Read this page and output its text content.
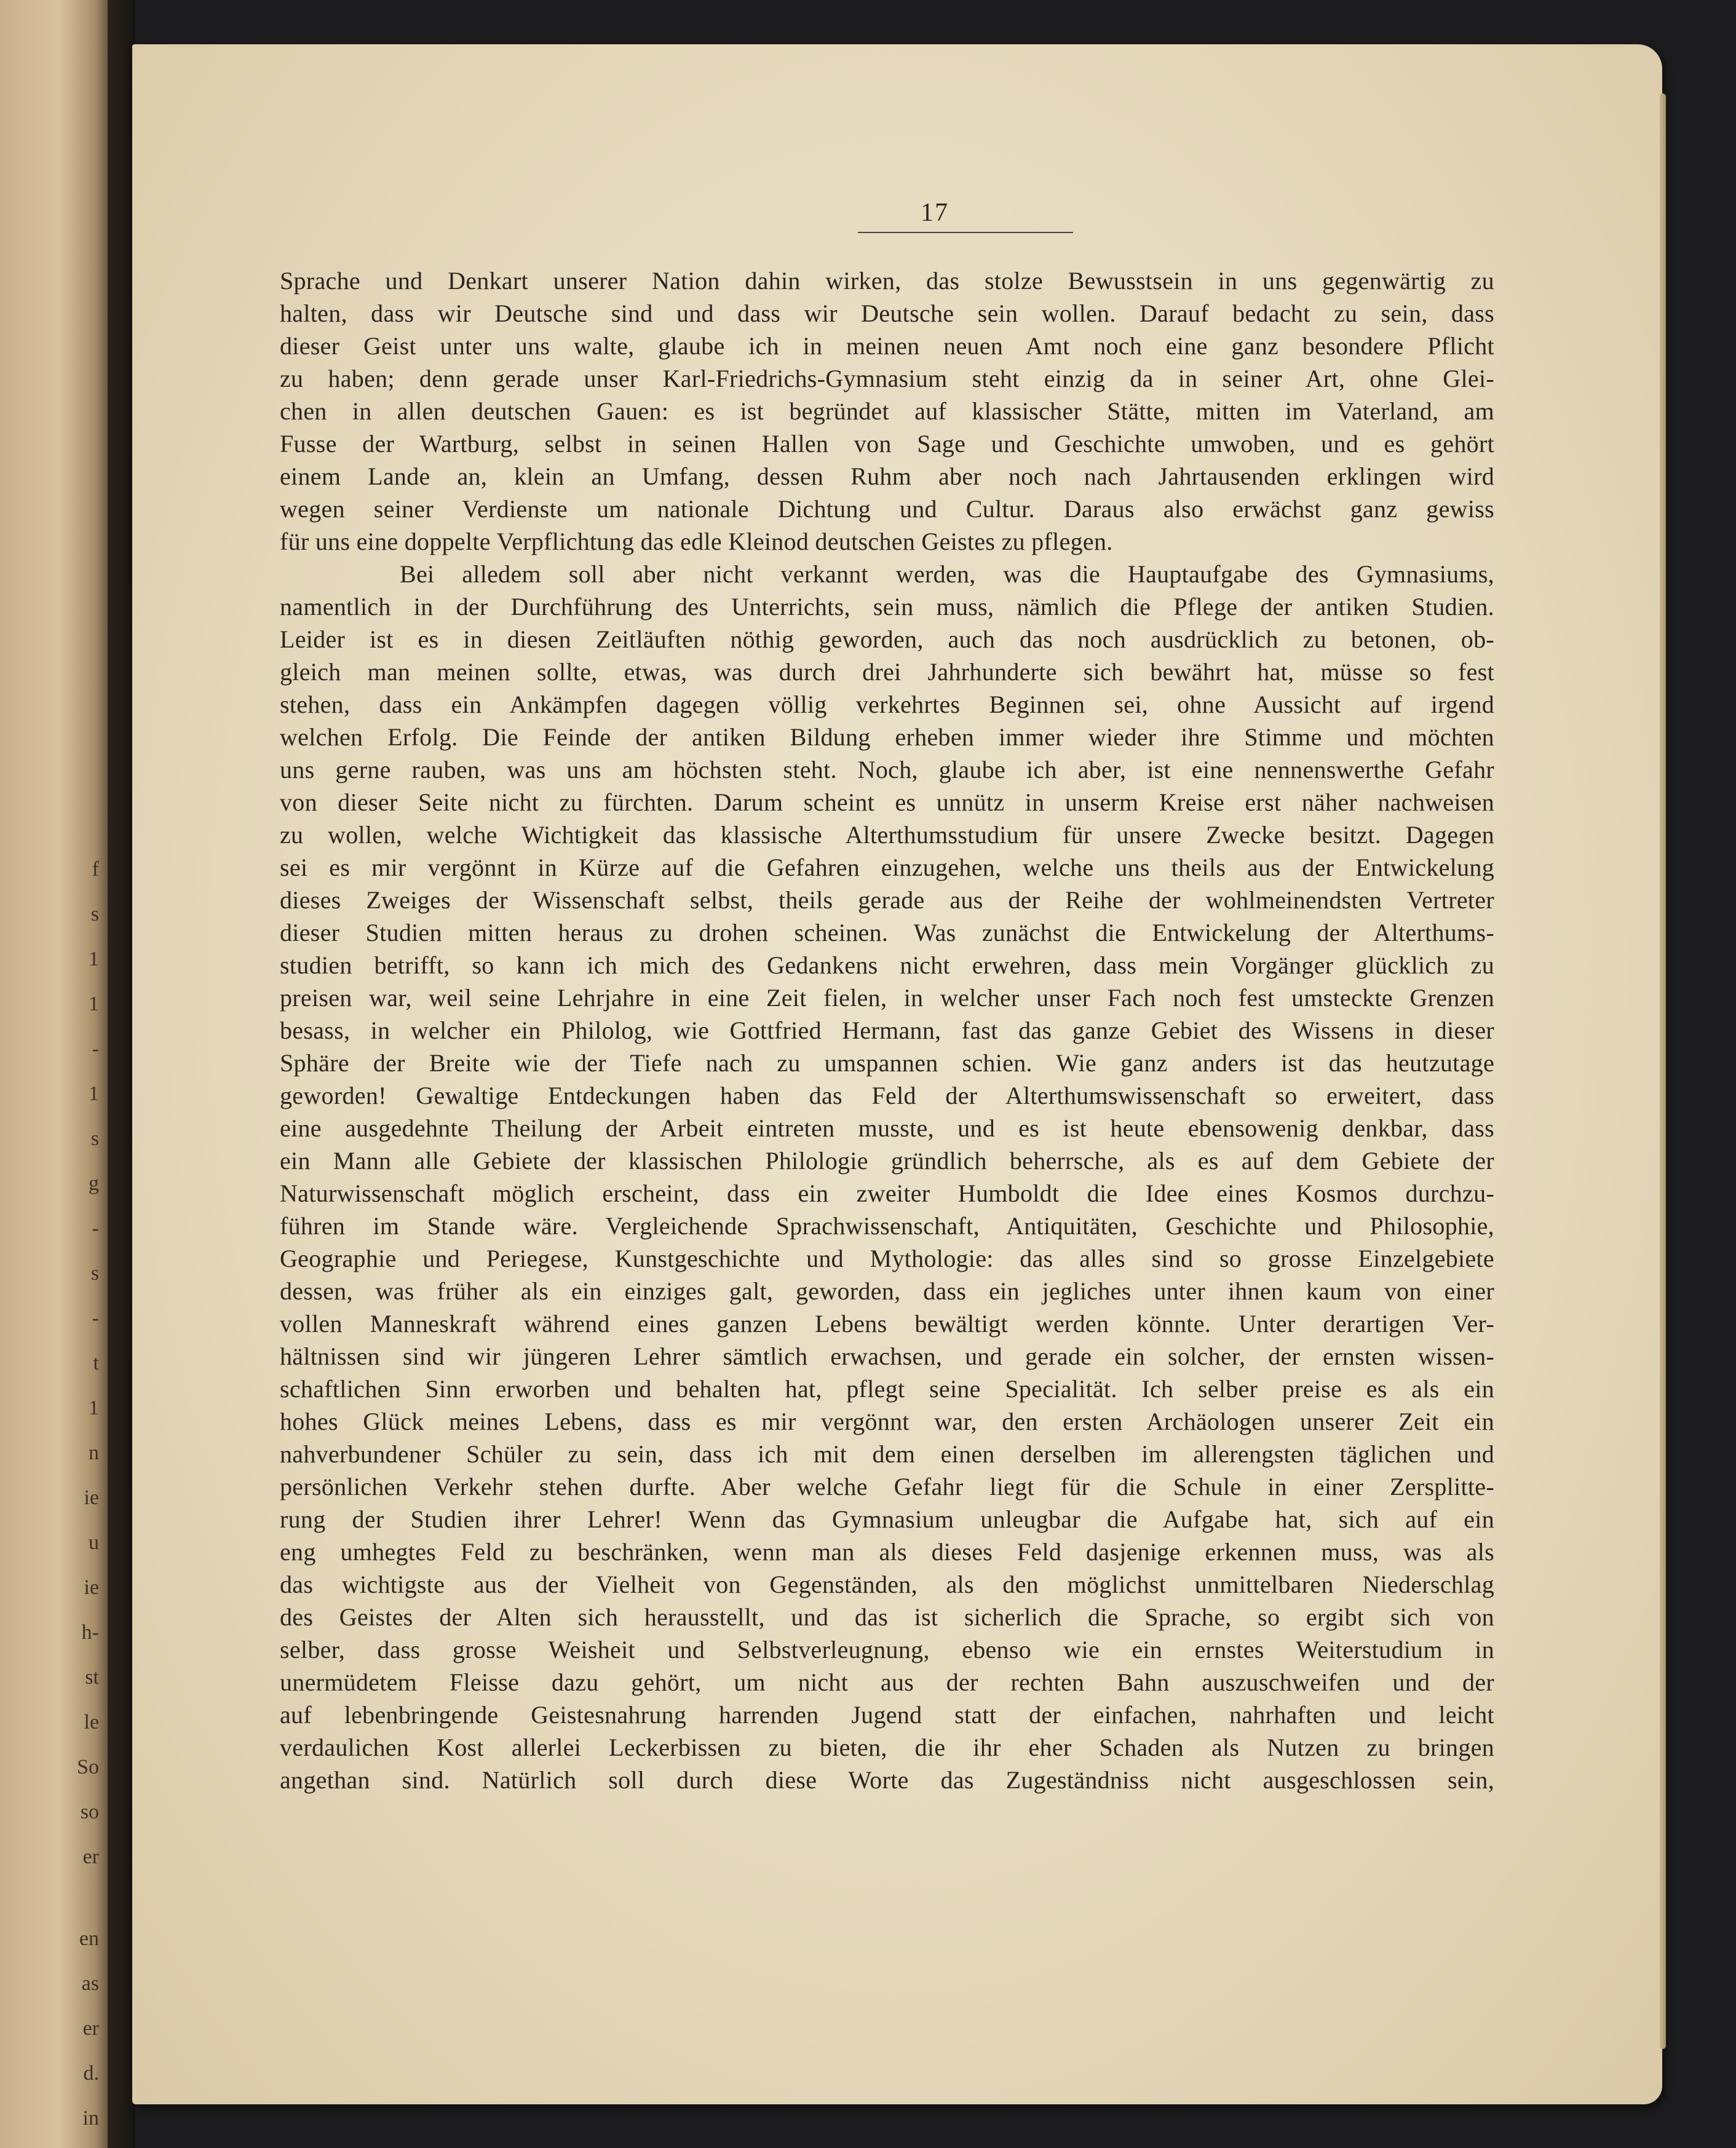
f
s
1
1
-
1
s
g
-
s
-
t
1
n
ie
u
ie
h-
st
le
So
so
er
en
as
er
d.
in
17
Sprache und Denkart unserer Nation dahin wirken, das stolze Bewusstsein in uns gegenwärtig zu
halten, dass wir Deutsche sind und dass wir Deutsche sein wollen. Darauf bedacht zu sein, dass
dieser Geist unter uns walte, glaube ich in meinen neuen Amt noch eine ganz besondere Pflicht
zu haben; denn gerade unser Karl-Friedrichs-Gymnasium steht einzig da in seiner Art, ohne Glei-
chen in allen deutschen Gauen: es ist begründet auf klassischer Stätte, mitten im Vaterland, am
Fusse der Wartburg, selbst in seinen Hallen von Sage und Geschichte umwoben, und es gehört
einem Lande an, klein an Umfang, dessen Ruhm aber noch nach Jahrtausenden erklingen wird
wegen seiner Verdienste um nationale Dichtung und Cultur. Daraus also erwächst ganz gewiss
für uns eine doppelte Verpflichtung das edle Kleinod deutschen Geistes zu pflegen.
Bei alledem soll aber nicht verkannt werden, was die Hauptaufgabe des Gymnasiums,
namentlich in der Durchführung des Unterrichts, sein muss, nämlich die Pflege der antiken Studien.
Leider ist es in diesen Zeitläuften nöthig geworden, auch das noch ausdrücklich zu betonen, ob-
gleich man meinen sollte, etwas, was durch drei Jahrhunderte sich bewährt hat, müsse so fest
stehen, dass ein Ankämpfen dagegen völlig verkehrtes Beginnen sei, ohne Aussicht auf irgend
welchen Erfolg. Die Feinde der antiken Bildung erheben immer wieder ihre Stimme und möchten
uns gerne rauben, was uns am höchsten steht. Noch, glaube ich aber, ist eine nennenswerthe Gefahr
von dieser Seite nicht zu fürchten. Darum scheint es unnütz in unserm Kreise erst näher nachweisen
zu wollen, welche Wichtigkeit das klassische Alterthumsstudium für unsere Zwecke besitzt. Dagegen
sei es mir vergönnt in Kürze auf die Gefahren einzugehen, welche uns theils aus der Entwickelung
dieses Zweiges der Wissenschaft selbst, theils gerade aus der Reihe der wohlmeinendsten Vertreter
dieser Studien mitten heraus zu drohen scheinen. Was zunächst die Entwickelung der Alterthums-
studien betrifft, so kann ich mich des Gedankens nicht erwehren, dass mein Vorgänger glücklich zu
preisen war, weil seine Lehrjahre in eine Zeit fielen, in welcher unser Fach noch fest umsteckte Grenzen
besass, in welcher ein Philolog, wie Gottfried Hermann, fast das ganze Gebiet des Wissens in dieser
Sphäre der Breite wie der Tiefe nach zu umspannen schien. Wie ganz anders ist das heutzutage
geworden! Gewaltige Entdeckungen haben das Feld der Alterthumswissenschaft so erweitert, dass
eine ausgedehnte Theilung der Arbeit eintreten musste, und es ist heute ebensowenig denkbar, dass
ein Mann alle Gebiete der klassischen Philologie gründlich beherrsche, als es auf dem Gebiete der
Naturwissenschaft möglich erscheint, dass ein zweiter Humboldt die Idee eines Kosmos durchzu-
führen im Stande wäre. Vergleichende Sprachwissenschaft, Antiquitäten, Geschichte und Philosophie,
Geographie und Periegese, Kunstgeschichte und Mythologie: das alles sind so grosse Einzelgebiete
dessen, was früher als ein einziges galt, geworden, dass ein jegliches unter ihnen kaum von einer
vollen Manneskraft während eines ganzen Lebens bewältigt werden könnte. Unter derartigen Ver-
hältnissen sind wir jüngeren Lehrer sämtlich erwachsen, und gerade ein solcher, der ernsten wissen-
schaftlichen Sinn erworben und behalten hat, pflegt seine Specialität. Ich selber preise es als ein
hohes Glück meines Lebens, dass es mir vergönnt war, den ersten Archäologen unserer Zeit ein
nahverbundener Schüler zu sein, dass ich mit dem einen derselben im allerengsten täglichen und
persönlichen Verkehr stehen durfte. Aber welche Gefahr liegt für die Schule in einer Zersplitte-
rung der Studien ihrer Lehrer! Wenn das Gymnasium unleugbar die Aufgabe hat, sich auf ein
eng umhegtes Feld zu beschränken, wenn man als dieses Feld dasjenige erkennen muss, was als
das wichtigste aus der Vielheit von Gegenständen, als den möglichst unmittelbaren Niederschlag
des Geistes der Alten sich herausstellt, und das ist sicherlich die Sprache, so ergibt sich von
selber, dass grosse Weisheit und Selbstverleugnung, ebenso wie ein ernstes Weiterstudium in
unermüdetem Fleisse dazu gehört, um nicht aus der rechten Bahn auszuschweifen und der
auf lebenbringende Geistesnahrung harrenden Jugend statt der einfachen, nahrhaften und leicht
verdaulichen Kost allerlei Leckerbissen zu bieten, die ihr eher Schaden als Nutzen zu bringen
angethan sind. Natürlich soll durch diese Worte das Zugeständniss nicht ausgeschlossen sein,
